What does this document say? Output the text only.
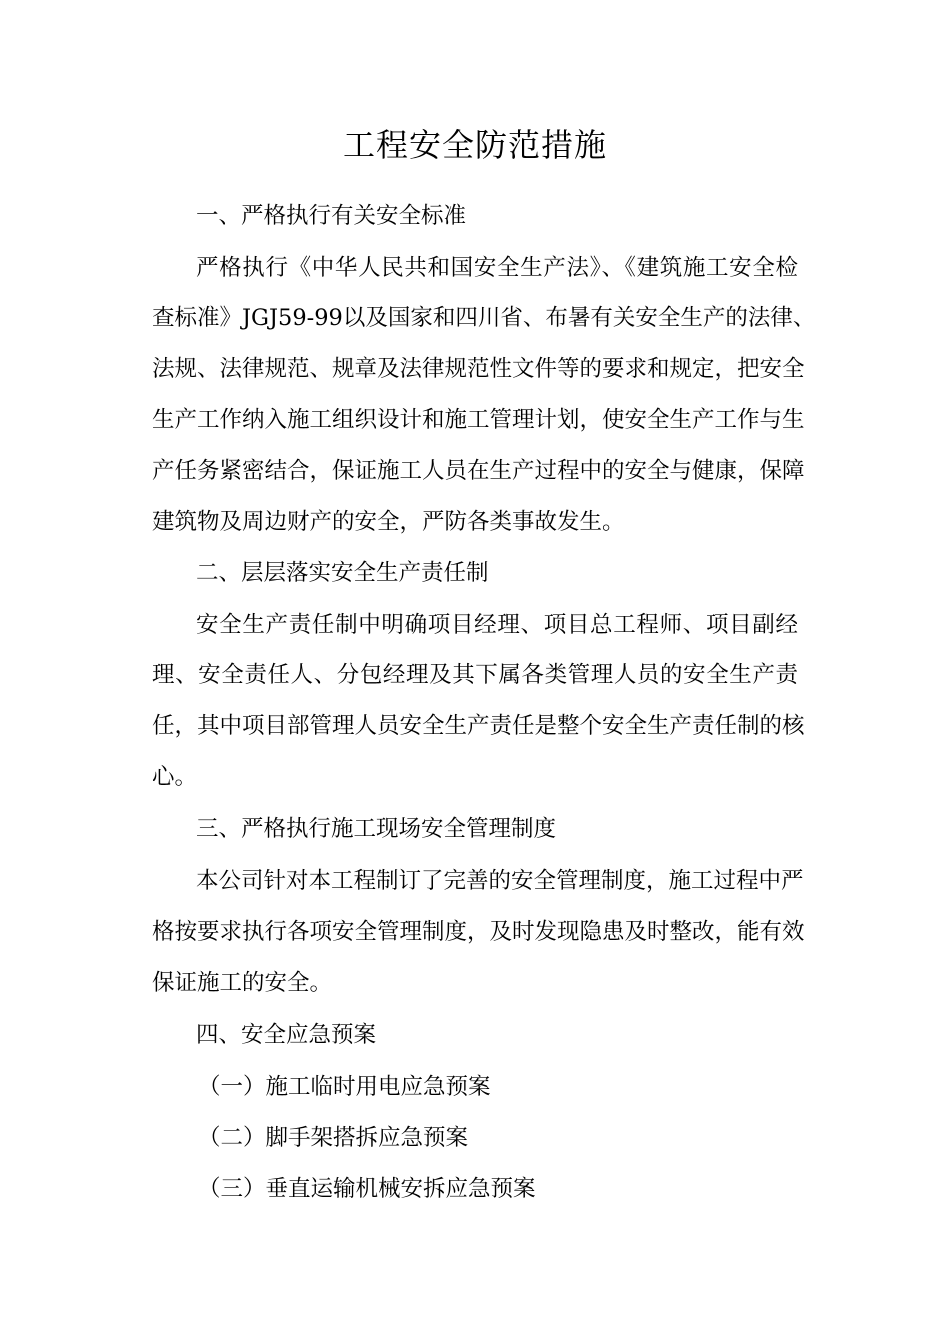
工程安全防范措施
一、严格执行有关安全标准
严格执行《中华人民共和国安全生产法》、《建筑施工安全检
查标准》JGJ59-99以及国家和四川省、布暑有关安全生产的法律、
法规、法律规范、规章及法律规范性文件等的要求和规定，把安全
生产工作纳入施工组织设计和施工管理计划，使安全生产工作与生
产任务紧密结合，保证施工人员在生产过程中的安全与健康，保障
建筑物及周边财产的安全，严防各类事故发生。
二、层层落实安全生产责任制
安全生产责任制中明确项目经理、项目总工程师、项目副经
理、安全责任人、分包经理及其下属各类管理人员的安全生产责
任，其中项目部管理人员安全生产责任是整个安全生产责任制的核
心。
三、严格执行施工现场安全管理制度
本公司针对本工程制订了完善的安全管理制度，施工过程中严
格按要求执行各项安全管理制度，及时发现隐患及时整改，能有效
保证施工的安全。
四、安全应急预案
（一）施工临时用电应急预案
（二）脚手架搭拆应急预案
（三）垂直运输机械安拆应急预案
